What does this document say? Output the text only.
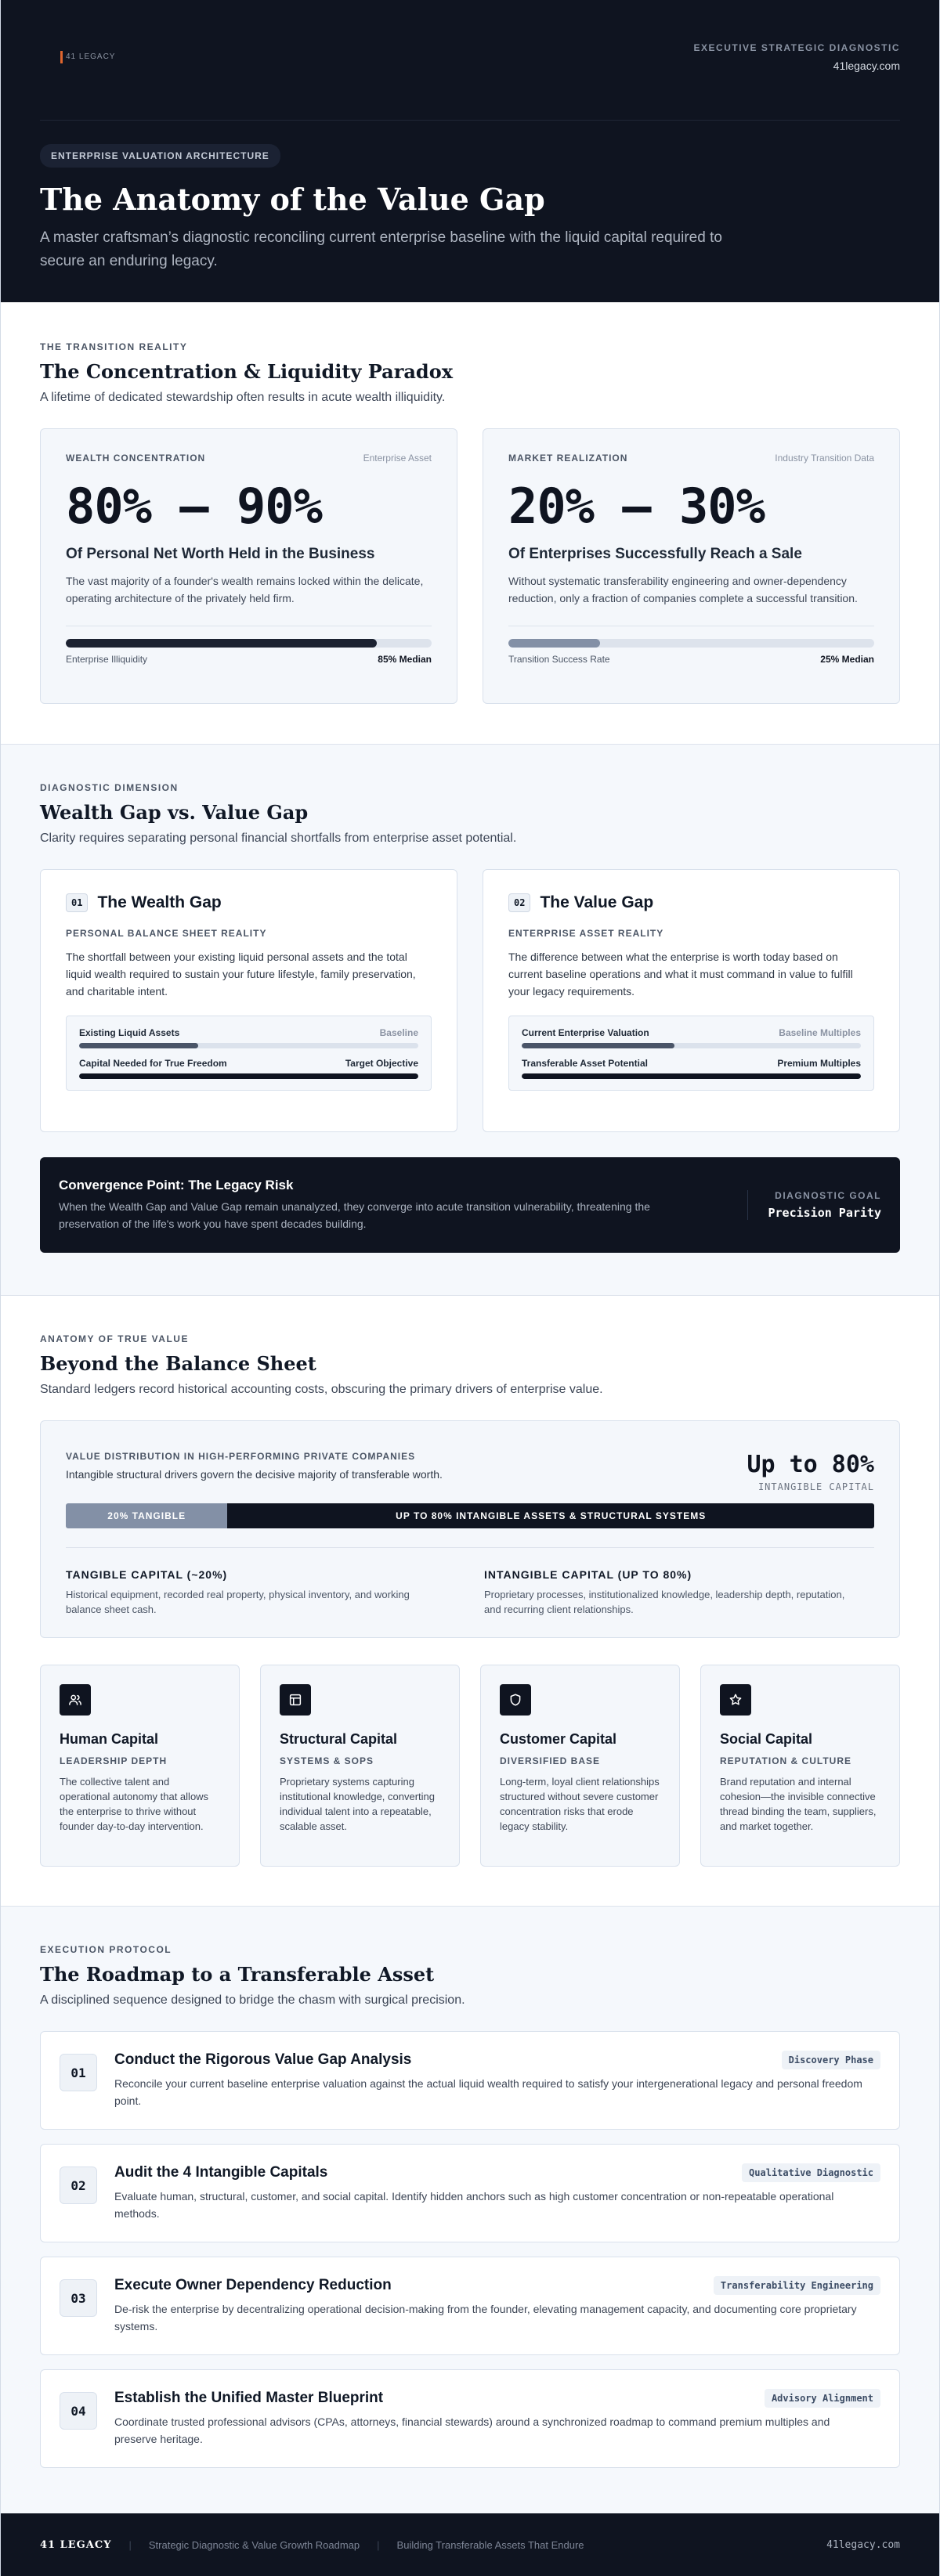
41 LEGACY
EXECUTIVE STRATEGIC DIAGNOSTIC
41legacy.com
ENTERPRISE VALUATION ARCHITECTURE
The Anatomy of the Value Gap

A master craftsman’s diagnostic reconciling current enterprise baseline with the liquid capital required to secure an enduring legacy.

THE TRANSITION REALITY
The Concentration & Liquidity Paradox
A lifetime of dedicated stewardship often results in acute wealth illiquidity.
WEALTH CONCENTRATION	Enterprise Asset
80% – 90%
Of Personal Net Worth Held in the Business
The vast majority of a founder's wealth remains locked within the delicate, operating architecture of the privately held firm.
Enterprise Illiquidity	85% Median
MARKET REALIZATION	Industry Transition Data
20% – 30%
Of Enterprises Successfully Reach a Sale
Without systematic transferability engineering and owner-dependency reduction, only a fraction of companies complete a successful transition.
Transition Success Rate	25% Median
DIAGNOSTIC DIMENSION
Wealth Gap vs. Value Gap
Clarity requires separating personal financial shortfalls from enterprise asset potential.
01 The Wealth Gap
PERSONAL BALANCE SHEET REALITY
The shortfall between your existing liquid personal assets and the total liquid wealth required to sustain your future lifestyle, family preservation, and charitable intent.
Existing Liquid Assets	Baseline
Capital Needed for True Freedom	Target Objective
02 The Value Gap
ENTERPRISE ASSET REALITY
The difference between what the enterprise is worth today based on current baseline operations and what it must command in value to fulfill your legacy requirements.
Current Enterprise Valuation	Baseline Multiples
Transferable Asset Potential	Premium Multiples
Convergence Point: The Legacy Risk

When the Wealth Gap and Value Gap remain unanalyzed, they converge into acute transition vulnerability, threatening the preservation of the life's work you have spent decades building.

DIAGNOSTIC GOAL
Precision Parity
ANATOMY OF TRUE VALUE
Beyond the Balance Sheet
Standard ledgers record historical accounting costs, obscuring the primary drivers of enterprise value.
VALUE DISTRIBUTION IN HIGH-PERFORMING PRIVATE COMPANIES
Intangible structural drivers govern the decisive majority of transferable worth.	Up to 80%
INTANGIBLE CAPITAL
20% TANGIBLE	UP TO 80% INTANGIBLE ASSETS & STRUCTURAL SYSTEMS
TANGIBLE CAPITAL (~20%)

Historical equipment, recorded real property, physical inventory, and working balance sheet cash.

INTANGIBLE CAPITAL (UP TO 80%)

Proprietary processes, institutionalized knowledge, leadership depth, reputation, and recurring client relationships.

Human Capital
LEADERSHIP DEPTH

The collective talent and operational autonomy that allows the enterprise to thrive without founder day-to-day intervention.

Structural Capital
SYSTEMS & SOPS

Proprietary systems capturing institutional knowledge, converting individual talent into a repeatable, scalable asset.

Customer Capital
DIVERSIFIED BASE

Long-term, loyal client relationships structured without severe customer concentration risks that erode legacy stability.

Social Capital
REPUTATION & CULTURE

Brand reputation and internal cohesion—the invisible connective thread binding the team, suppliers, and market together.

EXECUTION PROTOCOL
The Roadmap to a Transferable Asset
A disciplined sequence designed to bridge the chasm with surgical precision.
01
Conduct the Rigorous Value Gap Analysis

Reconcile your current baseline enterprise valuation against the actual liquid wealth required to satisfy your intergenerational legacy and personal freedom point.

Discovery Phase
02
Audit the 4 Intangible Capitals

Evaluate human, structural, customer, and social capital. Identify hidden anchors such as high customer concentration or non-repeatable operational methods.

Qualitative Diagnostic
03
Execute Owner Dependency Reduction

De-risk the enterprise by decentralizing operational decision-making from the founder, elevating management capacity, and documenting core proprietary systems.

Transferability Engineering
04
Establish the Unified Master Blueprint

Coordinate trusted professional advisors (CPAs, attorneys, financial stewards) around a synchronized roadmap to command premium multiples and preserve heritage.

Advisory Alignment
41 LEGACY | Strategic Diagnostic & Value Growth Roadmap | Building Transferable Assets That Endure	41legacy.com
